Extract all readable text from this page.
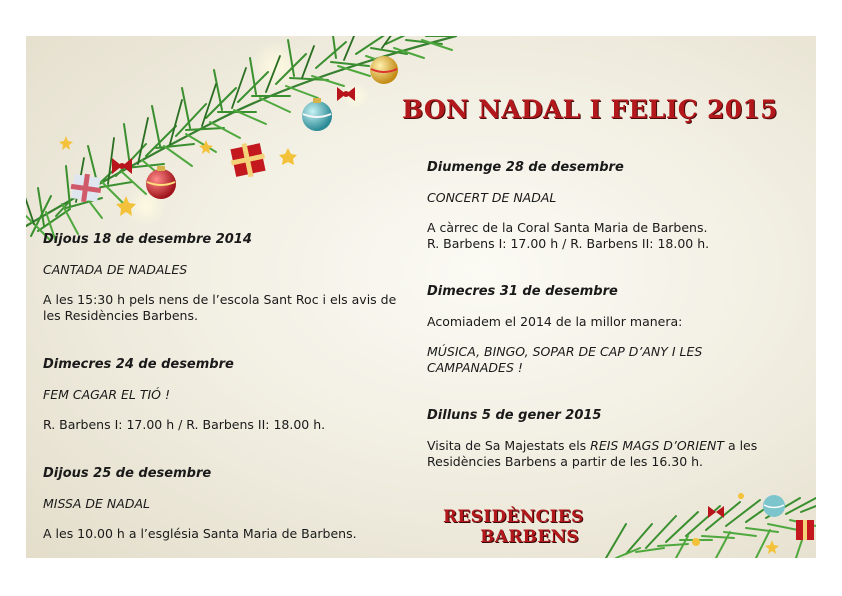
BON NADAL I FELIÇ 2015
Dijous 18 de desembre 2014
CANTADA DE NADALES
A les 15:30 h pels nens de l’escola Sant Roc i els avis de les Residències Barbens.
Dimecres 24 de desembre
FEM CAGAR EL TIÓ !
R. Barbens I: 17.00 h / R. Barbens II: 18.00 h.
Dijous 25 de desembre
MISSA DE NADAL
A les 10.00 h a l’església Santa Maria de Barbens.
Diumenge 28 de desembre
CONCERT DE NADAL
A càrrec de la Coral Santa Maria de Barbens.
R. Barbens I: 17.00 h / R. Barbens II: 18.00 h.
Dimecres 31 de desembre
Acomiadem el 2014 de la millor manera:
MÚSICA, BINGO, SOPAR DE CAP D’ANY I LES CAMPANADES !
Dilluns 5 de gener 2015
Visita de Sa Majestats els REIS MAGS D’ORIENT a les Residències Barbens a partir de les 16.30 h.
RESIDÈNCIES
BARBENS
